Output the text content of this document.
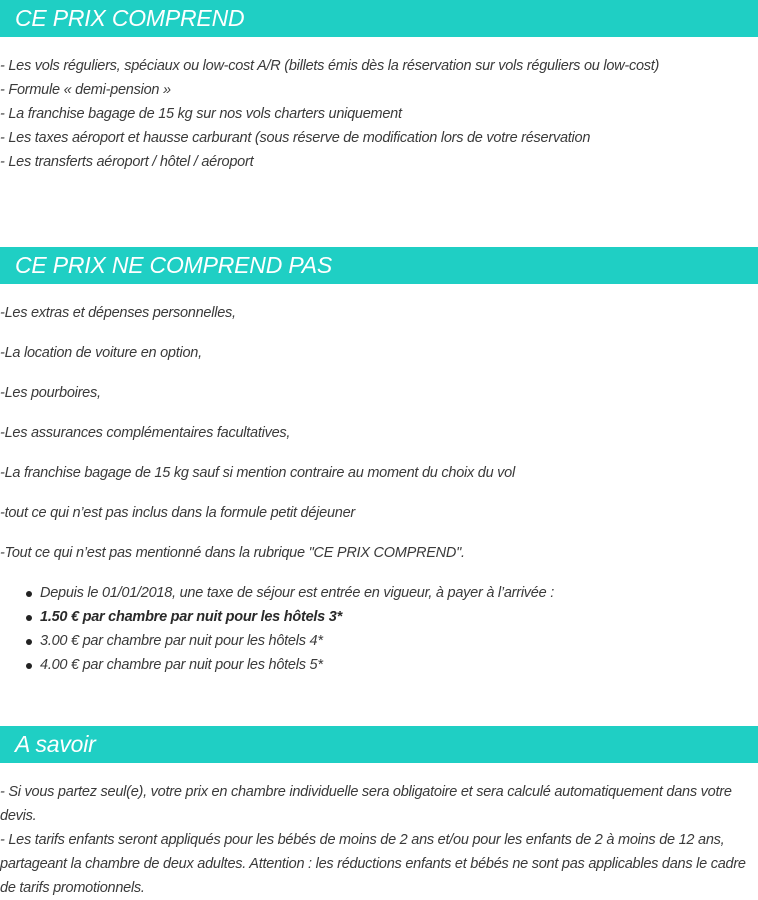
CE PRIX COMPREND
- Les vols réguliers, spéciaux ou low-cost A/R (billets émis dès la réservation sur vols réguliers ou low-cost)
- Formule « demi-pension »
- La franchise bagage de 15 kg sur nos vols charters uniquement
- Les taxes aéroport et hausse carburant (sous réserve de modification lors de votre réservation
- Les transferts aéroport / hôtel / aéroport
CE PRIX NE COMPREND PAS
-Les extras et dépenses personnelles,
-La location de voiture en option,
-Les pourboires,
-Les assurances complémentaires facultatives,
-La franchise bagage de 15 kg sauf si mention contraire au moment du choix du vol
-tout ce qui n’est pas inclus dans la formule petit déjeuner
-Tout ce qui n’est pas mentionné dans la rubrique "CE PRIX COMPREND".
Depuis le 01/01/2018, une taxe de séjour est entrée en vigueur, à payer à l’arrivée :
1.50 € par chambre par nuit pour les hôtels 3*
3.00 € par chambre par nuit pour les hôtels 4*
4.00 € par chambre par nuit pour les hôtels 5*
A savoir

- Si vous partez seul(e), votre prix en chambre individuelle sera obligatoire et sera calculé automatiquement dans votre devis.

- Les tarifs enfants seront appliqués pour les bébés de moins de 2 ans et/ou pour les enfants de 2 à moins de 12 ans, partageant la chambre de deux adultes. Attention : les réductions enfants et bébés ne sont pas applicables dans le cadre de tarifs promotionnels.
